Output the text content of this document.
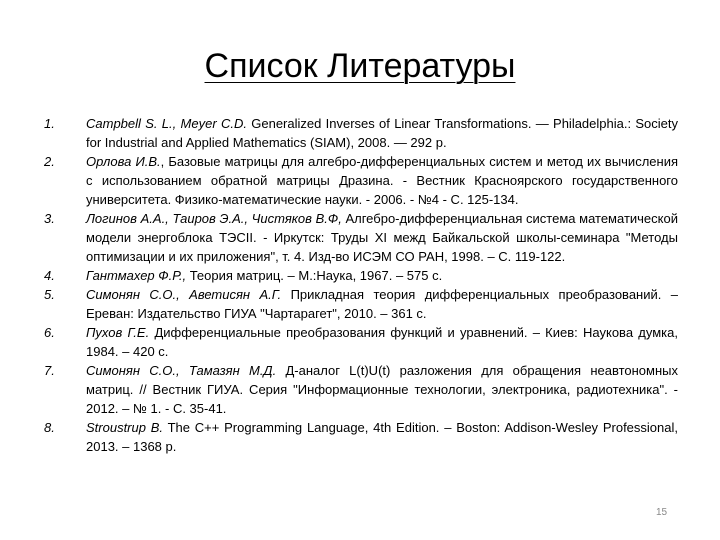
Список Литературы
1.	Campbell S. L., Meyer C.D. Generalized Inverses of Linear Transformations. — Philadelphia.: Society for Industrial and Applied Mathematics (SIAM), 2008. — 292 p.
2.	Орлова И.В., Базовые матрицы для алгебро-дифференциальных систем и метод их вычисления с использованием обратной матрицы Дразина. - Вестник Красноярского государственного университета. Физико-математические науки. - 2006. - №4 - С. 125-134.
3.	Логинов А.А., Таиров Э.А., Чистяков В.Ф, Алгебро-дифференциальная система математической модели энергоблока ТЭСII. - Иркутск: Труды XI межд Байкальской школы-семинара "Методы оптимизации и их приложения", т. 4. Изд-во ИСЭМ СО РАН, 1998. – С. 119-122.
4.	Гантмахер Ф.Р., Теория матриц. – М.:Наука, 1967. – 575 с.
5.	Симонян С.О., Аветисян А.Г. Прикладная теория дифференциальных преобразований. – Ереван: Издательство ГИУА "Чартарагет", 2010. – 361 с.
6.	Пухов Г.Е. Дифференциальные преобразования функций и уравнений. – Киев: Наукова думка, 1984. – 420 с.
7.	Симонян С.О., Тамазян М.Д. Д-аналог L(t)U(t) разложения для обращения неавтономных матриц. // Вестник ГИУА. Серия "Информационные технологии, электроника, радиотехника". - 2012. – № 1. - С. 35-41.
8.	Stroustrup B. The C++ Programming Language, 4th Edition. – Boston: Addison-Wesley Professional, 2013. – 1368 p.
15
